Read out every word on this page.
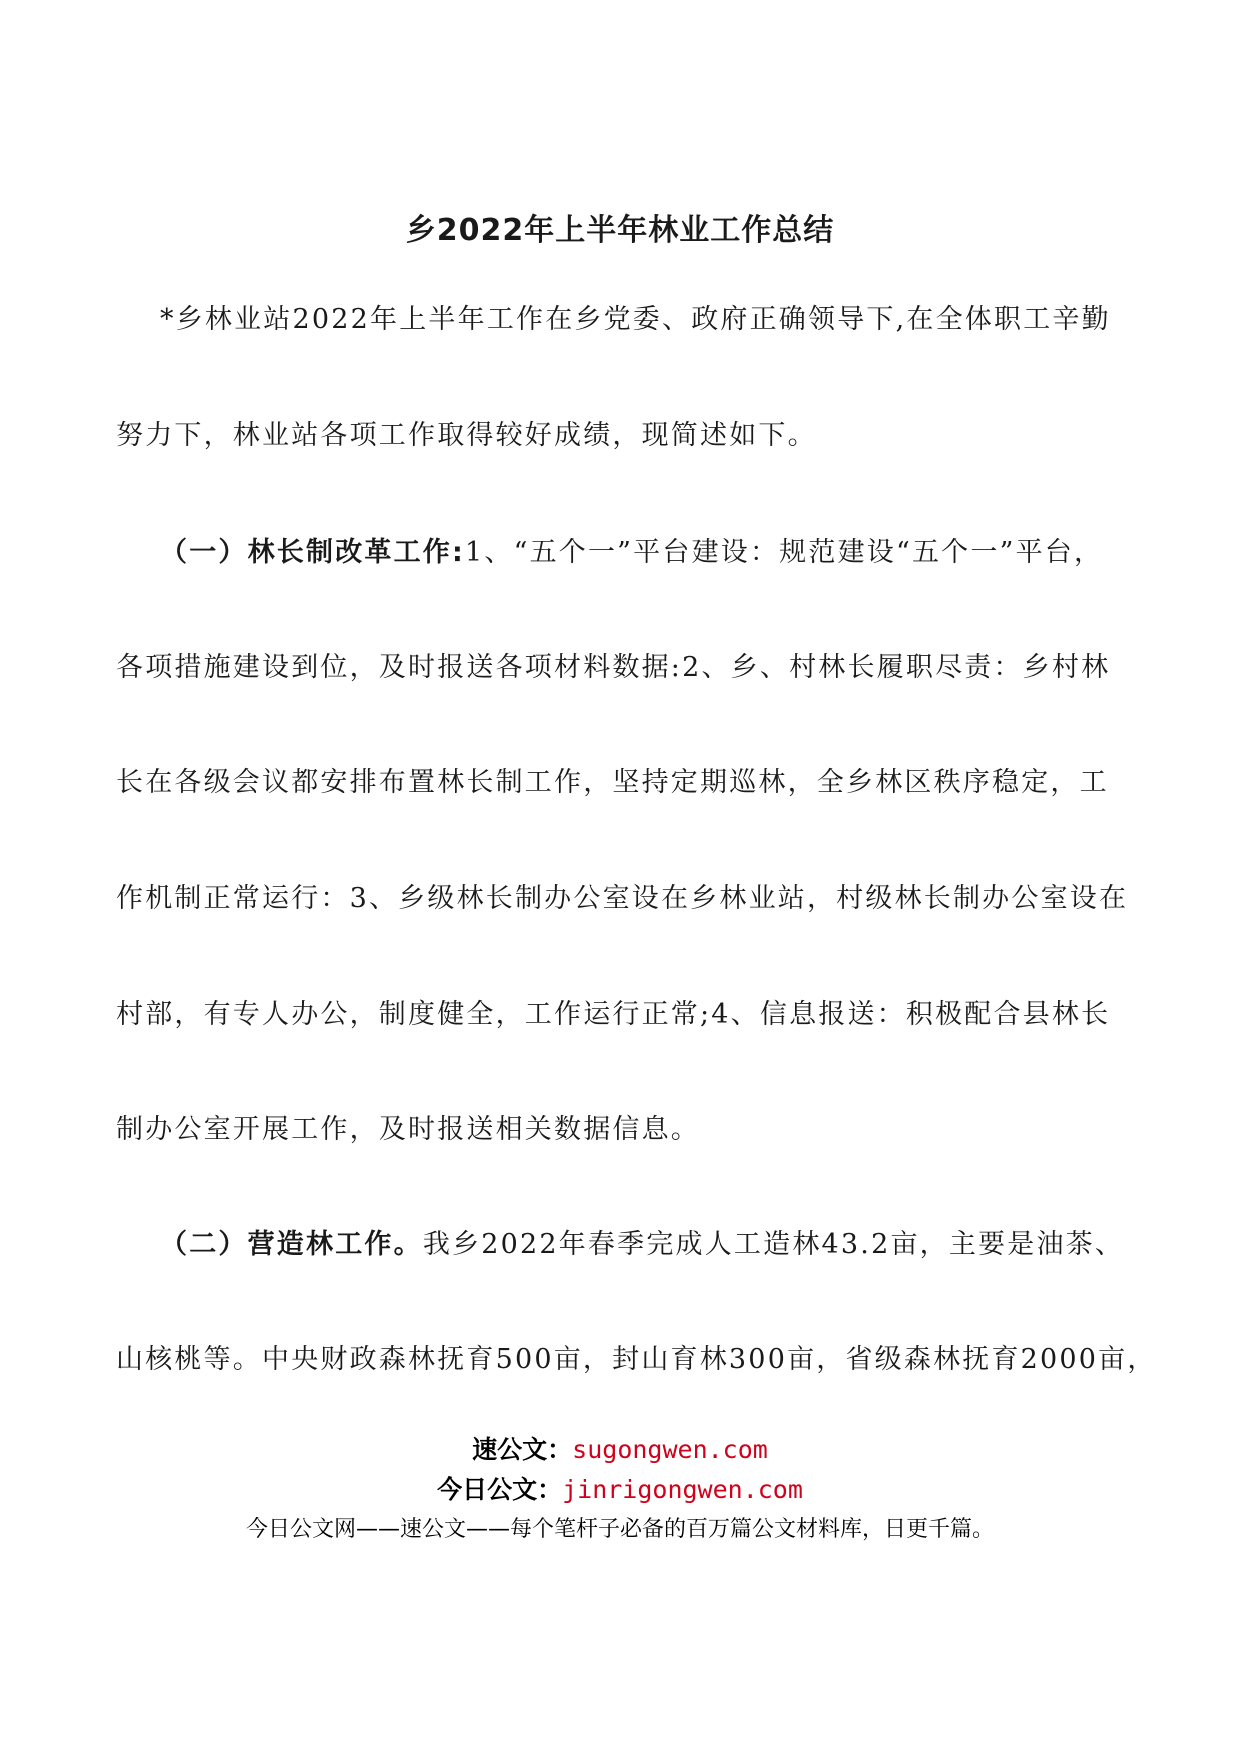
乡2022年上半年林业工作总结
*乡林业站2022年上半年工作在乡党委、政府正确领导下,在全体职工辛勤
努力下，林业站各项工作取得较好成绩，现简述如下。
（一）林长制改革工作:1、“五个一”平台建设：规范建设“五个一”平台，
各项措施建设到位，及时报送各项材料数据:2、乡、村林长履职尽责：乡村林
长在各级会议都安排布置林长制工作，坚持定期巡林，全乡林区秩序稳定，工
作机制正常运行：3、乡级林长制办公室设在乡林业站，村级林长制办公室设在
村部，有专人办公，制度健全，工作运行正常;4、信息报送：积极配合县林长
制办公室开展工作，及时报送相关数据信息。
（二）营造林工作。我乡2022年春季完成人工造林43.2亩，主要是油茶、
山核桃等。中央财政森林抚育500亩，封山育林300亩，省级森林抚育2000亩，
速公文：sugongwen.com
今日公文：jinrigongwen.com
今日公文网——速公文——每个笔杆子必备的百万篇公文材料库，日更千篇。
